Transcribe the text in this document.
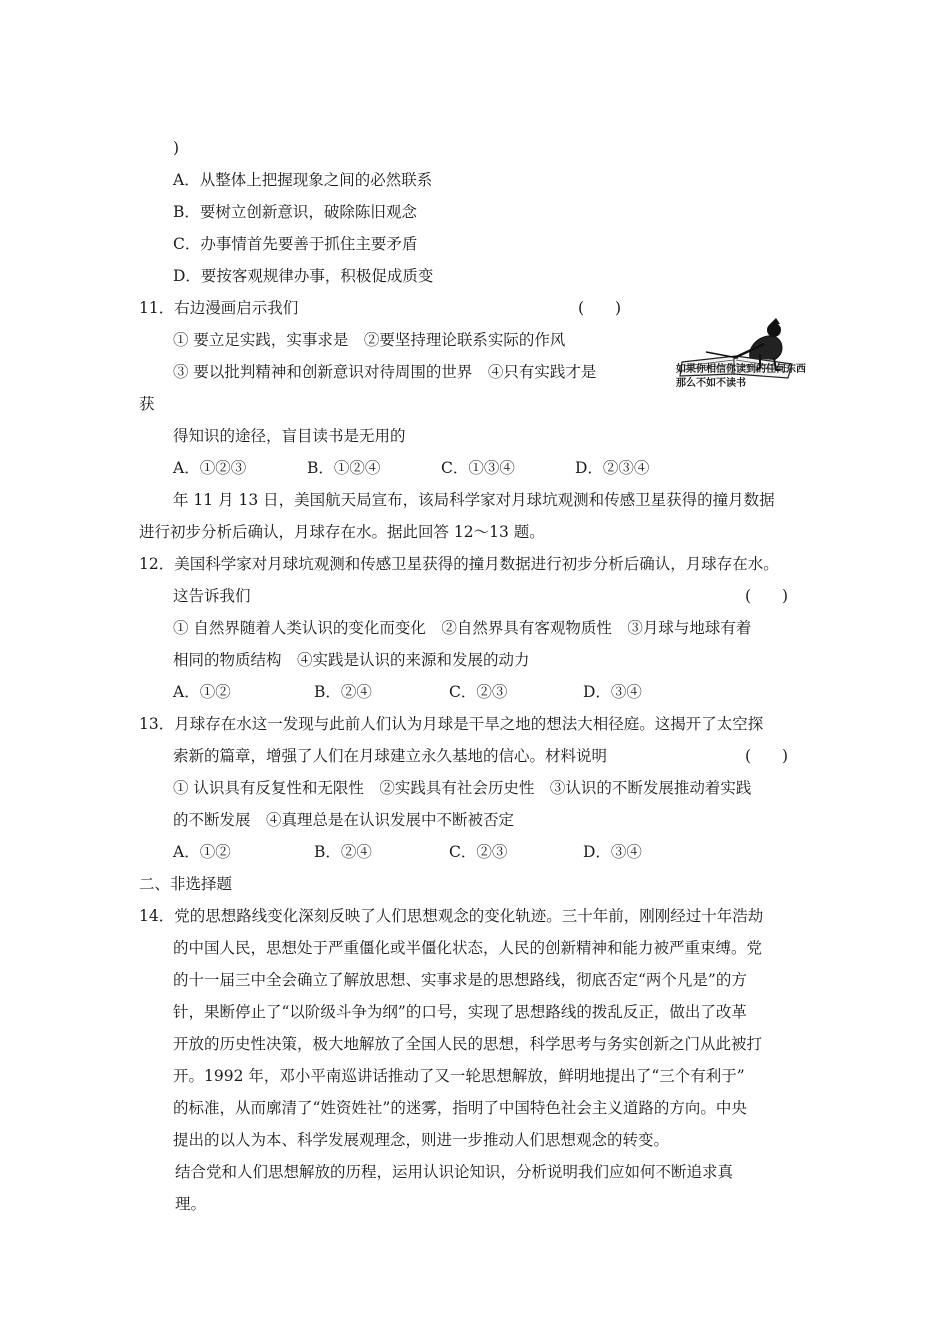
)
A．从整体上把握现象之间的必然联系
B．要树立创新意识，破除陈旧观念
C．办事情首先要善于抓住主要矛盾
D．要按客观规律办事，积极促成质变
11．右边漫画启示我们	(　　)
① 要立足实践，实事求是　②要坚持理论联系实际的作风
③ 要以批判精神和创新意识对待周围的世界　④只有实践才是
获
得知识的途径，盲目读书是无用的
A．①②③	B．①②④	C．①③④	D．②③④
如果你相信你读到的任何东西
那么不如不读书
年 11 月 13 日，美国航天局宣布，该局科学家对月球坑观测和传感卫星获得的撞月数据
进行初步分析后确认，月球存在水。据此回答 12～13 题。
12．美国科学家对月球坑观测和传感卫星获得的撞月数据进行初步分析后确认，月球存在水。
这告诉我们	(　　)
① 自然界随着人类认识的变化而变化　②自然界具有客观物质性　③月球与地球有着
相同的物质结构　④实践是认识的来源和发展的动力
A．①②	B．②④	C．②③	D．③④
13．月球存在水这一发现与此前人们认为月球是干旱之地的想法大相径庭。这揭开了太空探
索新的篇章，增强了人们在月球建立永久基地的信心。材料说明	(　　)
① 认识具有反复性和无限性　②实践具有社会历史性　③认识的不断发展推动着实践
的不断发展　④真理总是在认识发展中不断被否定
A．①②	B．②④	C．②③	D．③④
二、非选择题
14．党的思想路线变化深刻反映了人们思想观念的变化轨迹。三十年前，刚刚经过十年浩劫
的中国人民，思想处于严重僵化或半僵化状态，人民的创新精神和能力被严重束缚。党
的十一届三中全会确立了解放思想、实事求是的思想路线，彻底否定“两个凡是”的方
针，果断停止了“以阶级斗争为纲”的口号，实现了思想路线的拨乱反正，做出了改革
开放的历史性决策，极大地解放了全国人民的思想，科学思考与务实创新之门从此被打
开。1992 年，邓小平南巡讲话推动了又一轮思想解放，鲜明地提出了“三个有利于”
的标准，从而廓清了“姓资姓社”的迷雾，指明了中国特色社会主义道路的方向。中央
提出的以人为本、科学发展观理念，则进一步推动人们思想观念的转变。
结合党和人们思想解放的历程，运用认识论知识，分析说明我们应如何不断追求真
理。
